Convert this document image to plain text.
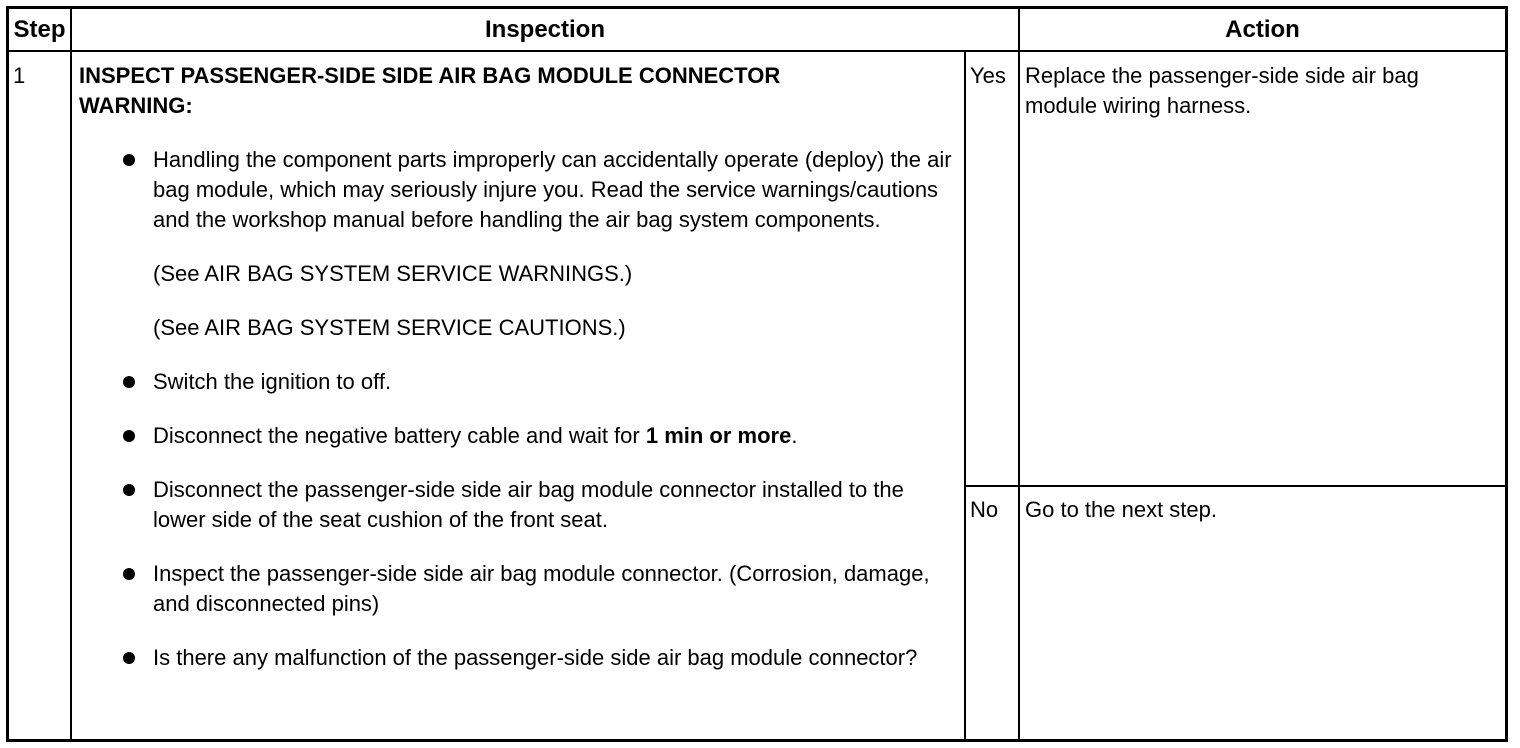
Step	Inspection	Action
1 INSPECT PASSENGER-SIDE SIDE AIR BAG MODULE CONNECTOR
WARNING:
Handling the component parts improperly can accidentally operate (deploy) the air bag module, which may seriously injure you. Read the service warnings/cautions and the workshop manual before handling the air bag system components.
(See AIR BAG SYSTEM SERVICE WARNINGS.)
(See AIR BAG SYSTEM SERVICE CAUTIONS.)
Switch the ignition to off.
Disconnect the negative battery cable and wait for 1 min or more.
Disconnect the passenger-side side air bag module connector installed to the lower side of the seat cushion of the front seat.
Inspect the passenger-side side air bag module connector. (Corrosion, damage, and disconnected pins)
Is there any malfunction of the passenger-side side air bag module connector?
Yes Replace the passenger-side side air bag module wiring harness.
No Go to the next step.
